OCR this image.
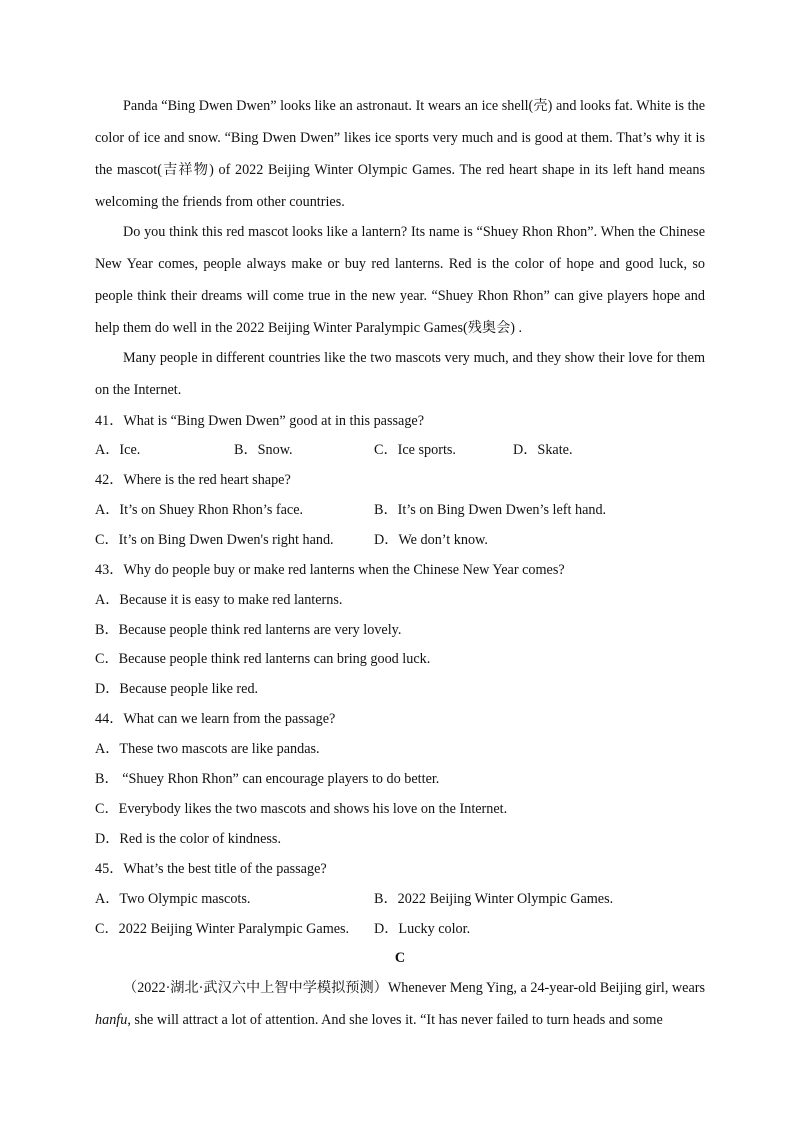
Panda “Bing Dwen Dwen” looks like an astronaut. It wears an ice shell(壳) and looks fat. White is the color of ice and snow. “Bing Dwen Dwen” likes ice sports very much and is good at them. That’s why it is the mascot(吉祥物) of 2022 Beijing Winter Olympic Games. The red heart shape in its left hand means welcoming the friends from other countries.

Do you think this red mascot looks like a lantern? Its name is “Shuey Rhon Rhon”. When the Chinese New Year comes, people always make or buy red lanterns. Red is the color of hope and good luck, so people think their dreams will come true in the new year. “Shuey Rhon Rhon” can give players hope and help them do well in the 2022 Beijing Winter Paralympic Games(残奥会) .

Many people in different countries like the two mascots very much, and they show their love for them on the Internet.

41．What is “Bing Dwen Dwen” good at in this passage?
A．Ice.	B．Snow.	C．Ice sports.	D．Skate.
42．Where is the red heart shape?
A．It’s on Shuey Rhon Rhon’s face.	B．It’s on Bing Dwen Dwen’s left hand.
C．It’s on Bing Dwen Dwen's right hand.	D．We don’t know.
43．Why do people buy or make red lanterns when the Chinese New Year comes?
A．Because it is easy to make red lanterns.
B．Because people think red lanterns are very lovely.
C．Because people think red lanterns can bring good luck.
D．Because people like red.
44．What can we learn from the passage?
A．These two mascots are like pandas.
B． “Shuey Rhon Rhon” can encourage players to do better.
C．Everybody likes the two mascots and shows his love on the Internet.
D．Red is the color of kindness.
45．What’s the best title of the passage?
A．Two Olympic mascots.	B．2022 Beijing Winter Olympic Games.
C．2022 Beijing Winter Paralympic Games. D．Lucky color.
C

（2022·湖北·武汉六中上智中学模拟预测）Whenever Meng Ying, a 24-year-old Beijing girl, wears hanfu, she will attract a lot of attention. And she loves it. “It has never failed to turn heads and some
